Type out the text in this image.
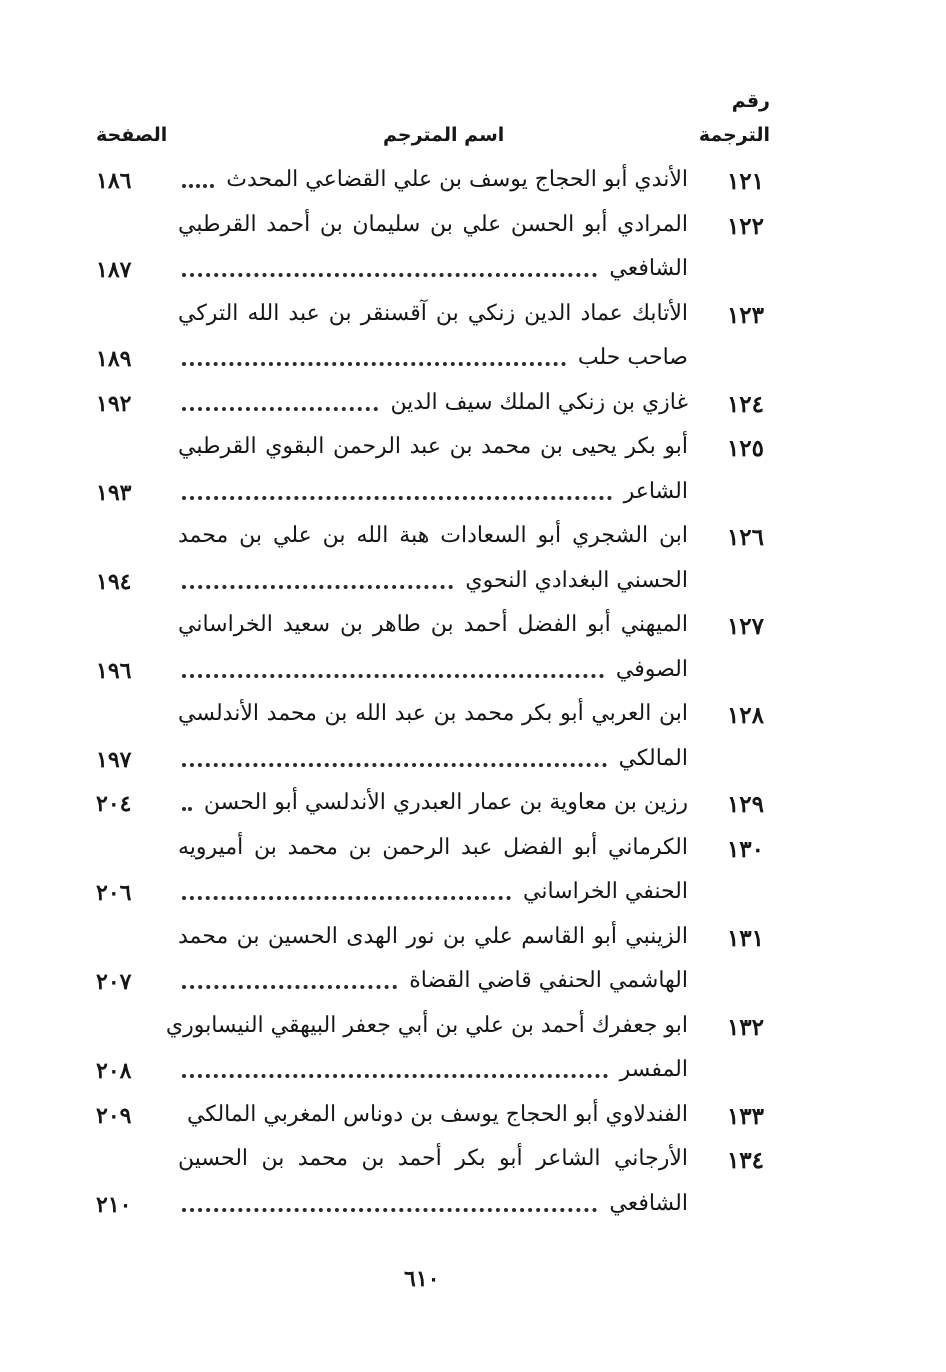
رقم
الترجمة
اسم المترجم
الصفحة
١٢١
الأندي أبو الحجاج يوسف بن علي القضاعي المحدث
١٨٦
١٢٢
المرادي أبو الحسن علي بن سليمان بن أحمد القرطبي
الشافعي
١٨٧
١٢٣
الأتابك عماد الدين زنكي بن آقسنقر بن عبد الله التركي
صاحب حلب
١٨٩
١٢٤
غازي بن زنكي الملك سيف الدين
١٩٢
١٢٥
أبو بكر يحيى بن محمد بن عبد الرحمن البقوي القرطبي
الشاعر
١٩٣
١٢٦
ابن الشجري أبو السعادات هبة الله بن علي بن محمد
الحسني البغدادي النحوي
١٩٤
١٢٧
الميهني أبو الفضل أحمد بن طاهر بن سعيد الخراساني
الصوفي
١٩٦
١٢٨
ابن العربي أبو بكر محمد بن عبد الله بن محمد الأندلسي
المالكي
١٩٧
١٢٩
رزين بن معاوية بن عمار العبدري الأندلسي أبو الحسن
٢٠٤
١٣٠
الكرماني أبو الفضل عبد الرحمن بن محمد بن أميرويه
الحنفي الخراساني
٢٠٦
١٣١
الزينبي أبو القاسم علي بن نور الهدى الحسين بن محمد
الهاشمي الحنفي قاضي القضاة
٢٠٧
١٣٢
ابو جعفرك أحمد بن علي بن أبي جعفر البيهقي النيسابوري
المفسر
٢٠٨
١٣٣
الفندلاوي أبو الحجاج يوسف بن دوناس المغربي المالكي
٢٠٩
١٣٤
الأرجاني الشاعر أبو بكر أحمد بن محمد بن الحسين
الشافعي
٢١٠
٦١٠
